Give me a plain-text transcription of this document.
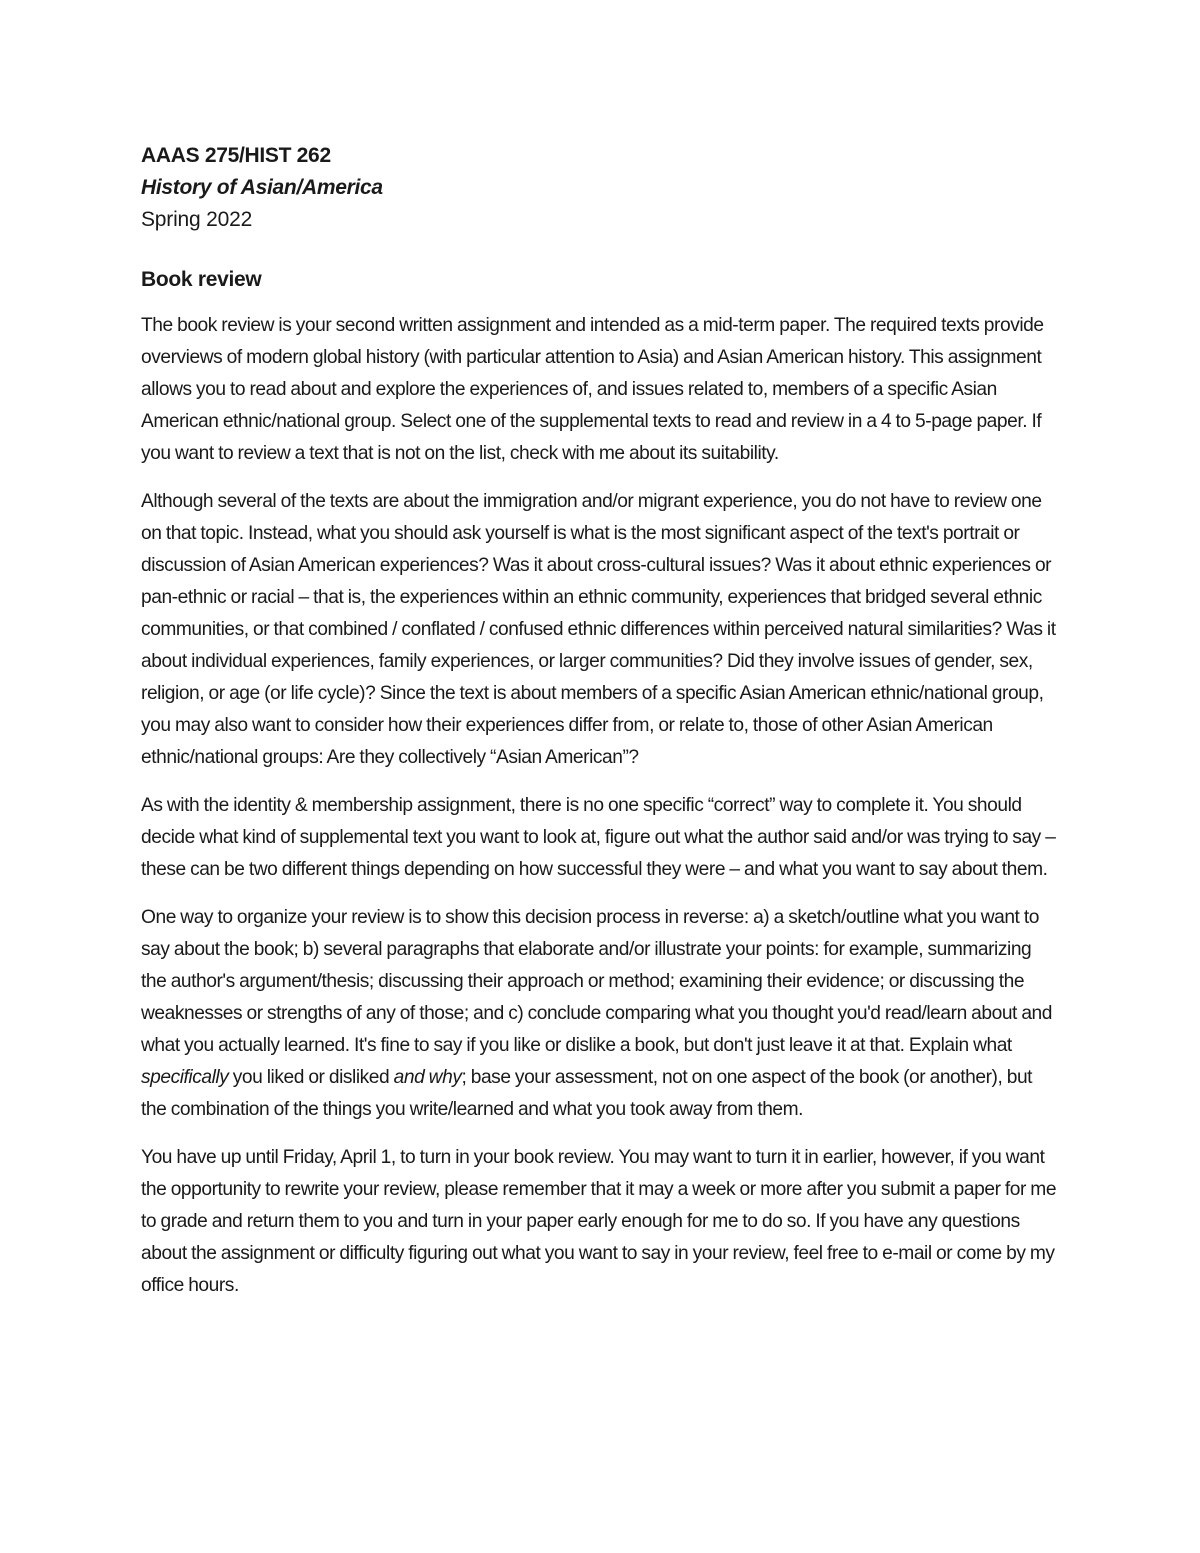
AAAS 275/HIST 262

History of Asian/America

Spring 2022

Book review

The book review is your second written assignment and intended as a mid-term paper. The required texts provide overviews of modern global history (with particular attention to Asia) and Asian American history. This assignment allows you to read about and explore the experiences of, and issues related to, members of a specific Asian American ethnic/national group. Select one of the supplemental texts to read and review in a 4 to 5-page paper. If you want to review a text that is not on the list, check with me about its suitability.

Although several of the texts are about the immigration and/or migrant experience, you do not have to review one on that topic. Instead, what you should ask yourself is what is the most significant aspect of the text's portrait or discussion of Asian American experiences? Was it about cross-cultural issues? Was it about ethnic experiences or pan-ethnic or racial – that is, the experiences within an ethnic community, experiences that bridged several ethnic communities, or that combined / conflated / confused ethnic differences within perceived natural similarities? Was it about individual experiences, family experiences, or larger communities? Did they involve issues of gender, sex, religion, or age (or life cycle)? Since the text is about members of a specific Asian American ethnic/national group, you may also want to consider how their experiences differ from, or relate to, those of other Asian American ethnic/national groups: Are they collectively “Asian American”?

As with the identity & membership assignment, there is no one specific “correct” way to complete it. You should decide what kind of supplemental text you want to look at, figure out what the author said and/or was trying to say – these can be two different things depending on how successful they were – and what you want to say about them.

One way to organize your review is to show this decision process in reverse: a) a sketch/outline what you want to say about the book; b) several paragraphs that elaborate and/or illustrate your points: for example, summarizing the author's argument/thesis; discussing their approach or method; examining their evidence; or discussing the weaknesses or strengths of any of those; and c) conclude comparing what you thought you'd read/learn about and what you actually learned. It's fine to say if you like or dislike a book, but don't just leave it at that. Explain what specifically you liked or disliked and why; base your assessment, not on one aspect of the book (or another), but the combination of the things you write/learned and what you took away from them.

You have up until Friday, April 1, to turn in your book review. You may want to turn it in earlier, however, if you want the opportunity to rewrite your review, please remember that it may a week or more after you submit a paper for me to grade and return them to you and turn in your paper early enough for me to do so. If you have any questions about the assignment or difficulty figuring out what you want to say in your review, feel free to e-mail or come by my office hours.
